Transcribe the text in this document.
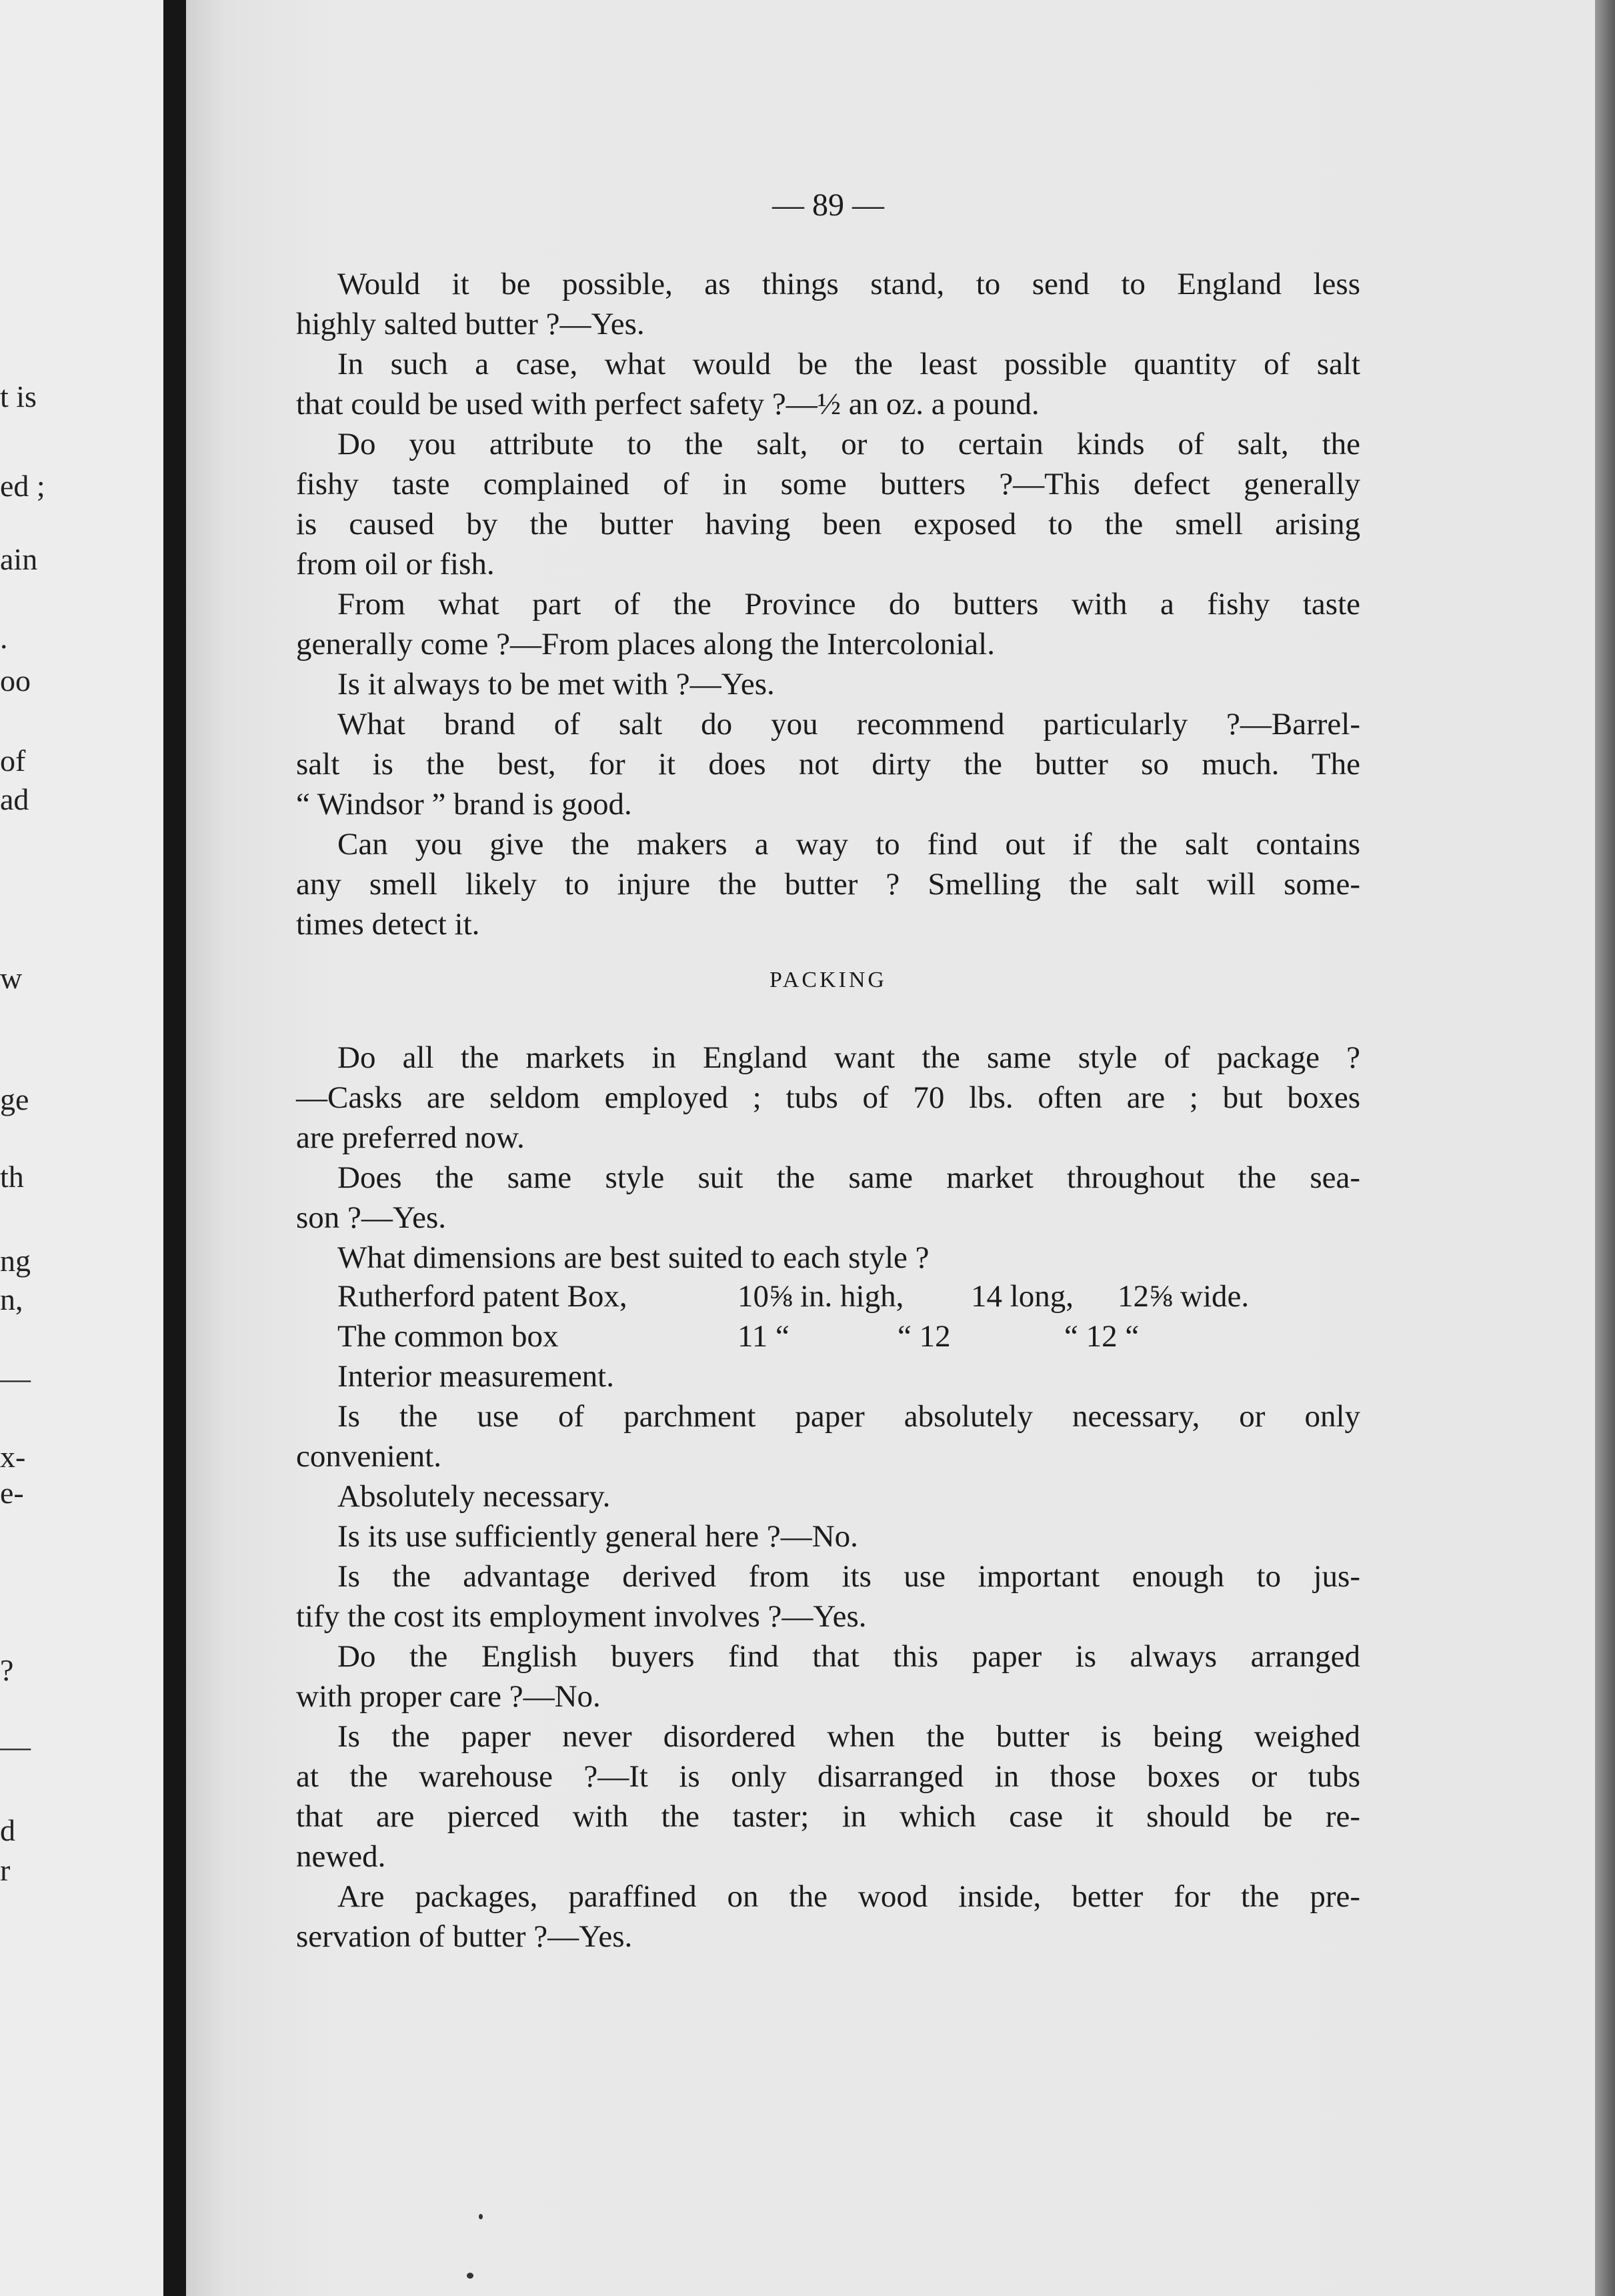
t is
ed ;
ain
.
oo
of
ad
w
ge
th
ng
n,
—
x-
e-
?
—
d
r
— 89 —
Would it be possible, as things stand, to send to England less
highly salted butter ?—Yes.
In such a case, what would be the least possible quantity of salt
that could be used with perfect safety ?—½ an oz. a pound.
Do you attribute to the salt, or to certain kinds of salt, the
fishy taste complained of in some butters ?—This defect generally
is caused by the butter having been exposed to the smell arising
from oil or fish.
From what part of the Province do butters with a fishy taste
generally come ?—From places along the Intercolonial.
Is it always to be met with ?—Yes.
What brand of salt do you recommend particularly ?—Barrel-
salt is the best, for it does not dirty the butter so much. The
“ Windsor ” brand is good.
Can you give the makers a way to find out if the salt contains
any smell likely to injure the butter ? Smelling the salt will some-
times detect it.
PACKING
Do all the markets in England want the same style of package ?
—Casks are seldom employed ; tubs of 70 lbs. often are ; but boxes
are preferred now.
Does the same style suit the same market throughout the sea-
son ?—Yes.
What dimensions are best suited to each style ?
Rutherford patent Box,	10⅝ in. high, 14 long, 12⅝ wide.
The common box	11 “	“ 12	“ 12 “
Interior measurement.
Is the use of parchment paper absolutely necessary, or only
convenient.
Absolutely necessary.
Is its use sufficiently general here ?—No.
Is the advantage derived from its use important enough to jus-
tify the cost its employment involves ?—Yes.
Do the English buyers find that this paper is always arranged
with proper care ?—No.
Is the paper never disordered when the butter is being weighed
at the warehouse ?—It is only disarranged in those boxes or tubs
that are pierced with the taster; in which case it should be re-
newed.
Are packages, paraffined on the wood inside, better for the pre-
servation of butter ?—Yes.
